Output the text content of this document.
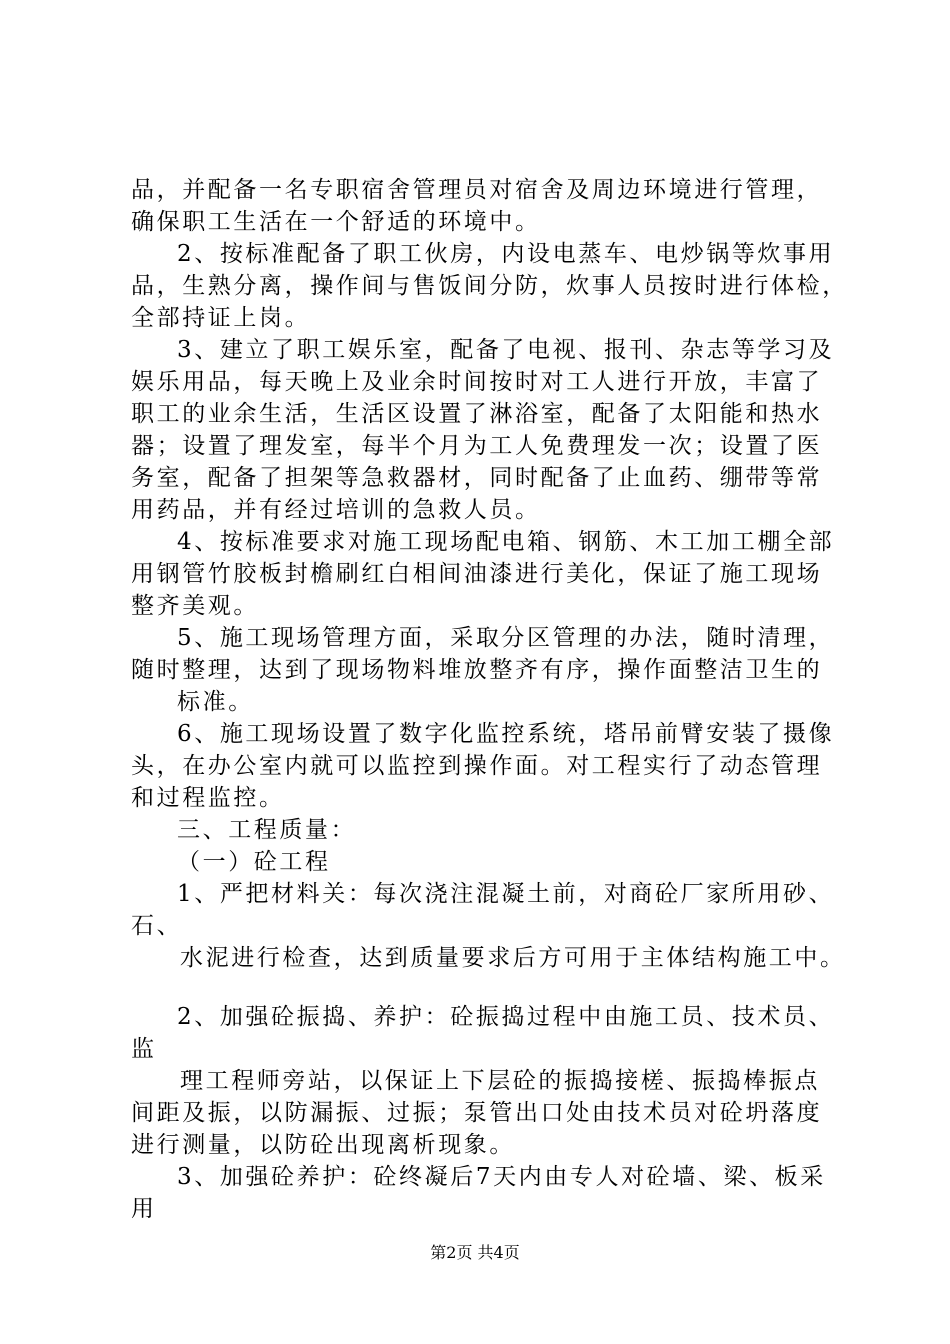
品，并配备一名专职宿舍管理员对宿舍及周边环境进行管理，
确保职工生活在一个舒适的环境中。
2、按标准配备了职工伙房，内设电蒸车、电炒锅等炊事用
品，生熟分离，操作间与售饭间分防，炊事人员按时进行体检，
全部持证上岗。
3、建立了职工娱乐室，配备了电视、报刊、杂志等学习及
娱乐用品，每天晚上及业余时间按时对工人进行开放，丰富了
职工的业余生活，生活区设置了淋浴室，配备了太阳能和热水
器；设置了理发室，每半个月为工人免费理发一次；设置了医
务室，配备了担架等急救器材，同时配备了止血药、绷带等常
用药品，并有经过培训的急救人员。
4、按标准要求对施工现场配电箱、钢筋、木工加工棚全部
用钢管竹胶板封檐刷红白相间油漆进行美化，保证了施工现场
整齐美观。
5、施工现场管理方面，采取分区管理的办法，随时清理，
随时整理，达到了现场物料堆放整齐有序，操作面整洁卫生的
标准。
6、施工现场设置了数字化监控系统，塔吊前臂安装了摄像
头，在办公室内就可以监控到操作面。对工程实行了动态管理
和过程监控。
三、工程质量：
（一）砼工程
1、严把材料关：每次浇注混凝土前，对商砼厂家所用砂、
石、
水泥进行检查，达到质量要求后方可用于主体结构施工中。
2、加强砼振捣、养护：砼振捣过程中由施工员、技术员、
监
理工程师旁站，以保证上下层砼的振捣接槎、振捣棒振点
间距及振，以防漏振、过振；泵管出口处由技术员对砼坍落度
进行测量，以防砼出现离析现象。
3、加强砼养护：砼终凝后7天内由专人对砼墙、梁、板采
用
第2页 共4页
